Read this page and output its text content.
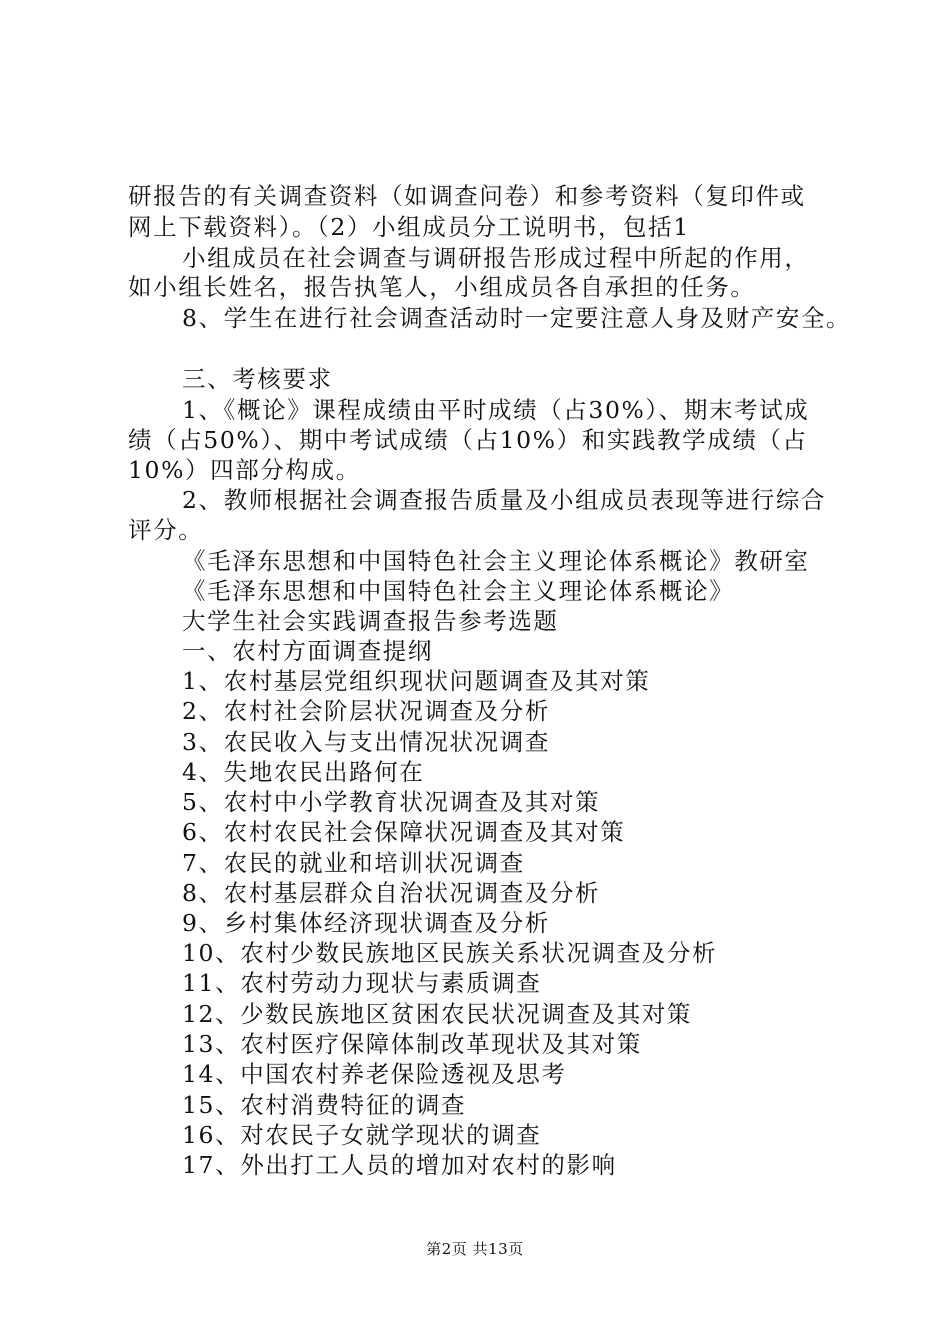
研报告的有关调查资料（如调查问卷）和参考资料（复印件或
网上下载资料）。（2）小组成员分工说明书，包括1
小组成员在社会调查与调研报告形成过程中所起的作用，
如小组长姓名，报告执笔人，小组成员各自承担的任务。
8、学生在进行社会调查活动时一定要注意人身及财产安全。
三、考核要求
1、《概论》课程成绩由平时成绩（占30%）、期末考试成
绩（占50%）、期中考试成绩（占10%）和实践教学成绩（占
10%）四部分构成。
2、教师根据社会调查报告质量及小组成员表现等进行综合
评分。
《毛泽东思想和中国特色社会主义理论体系概论》教研室
《毛泽东思想和中国特色社会主义理论体系概论》
大学生社会实践调查报告参考选题
一、农村方面调查提纲
1、农村基层党组织现状问题调查及其对策
2、农村社会阶层状况调查及分析
3、农民收入与支出情况状况调查
4、失地农民出路何在
5、农村中小学教育状况调查及其对策
6、农村农民社会保障状况调查及其对策
7、农民的就业和培训状况调查
8、农村基层群众自治状况调查及分析
9、乡村集体经济现状调查及分析
10、农村少数民族地区民族关系状况调查及分析
11、农村劳动力现状与素质调查
12、少数民族地区贫困农民状况调查及其对策
13、农村医疗保障体制改革现状及其对策
14、中国农村养老保险透视及思考
15、农村消费特征的调查
16、对农民子女就学现状的调查
17、外出打工人员的增加对农村的影响
第2页 共13页
